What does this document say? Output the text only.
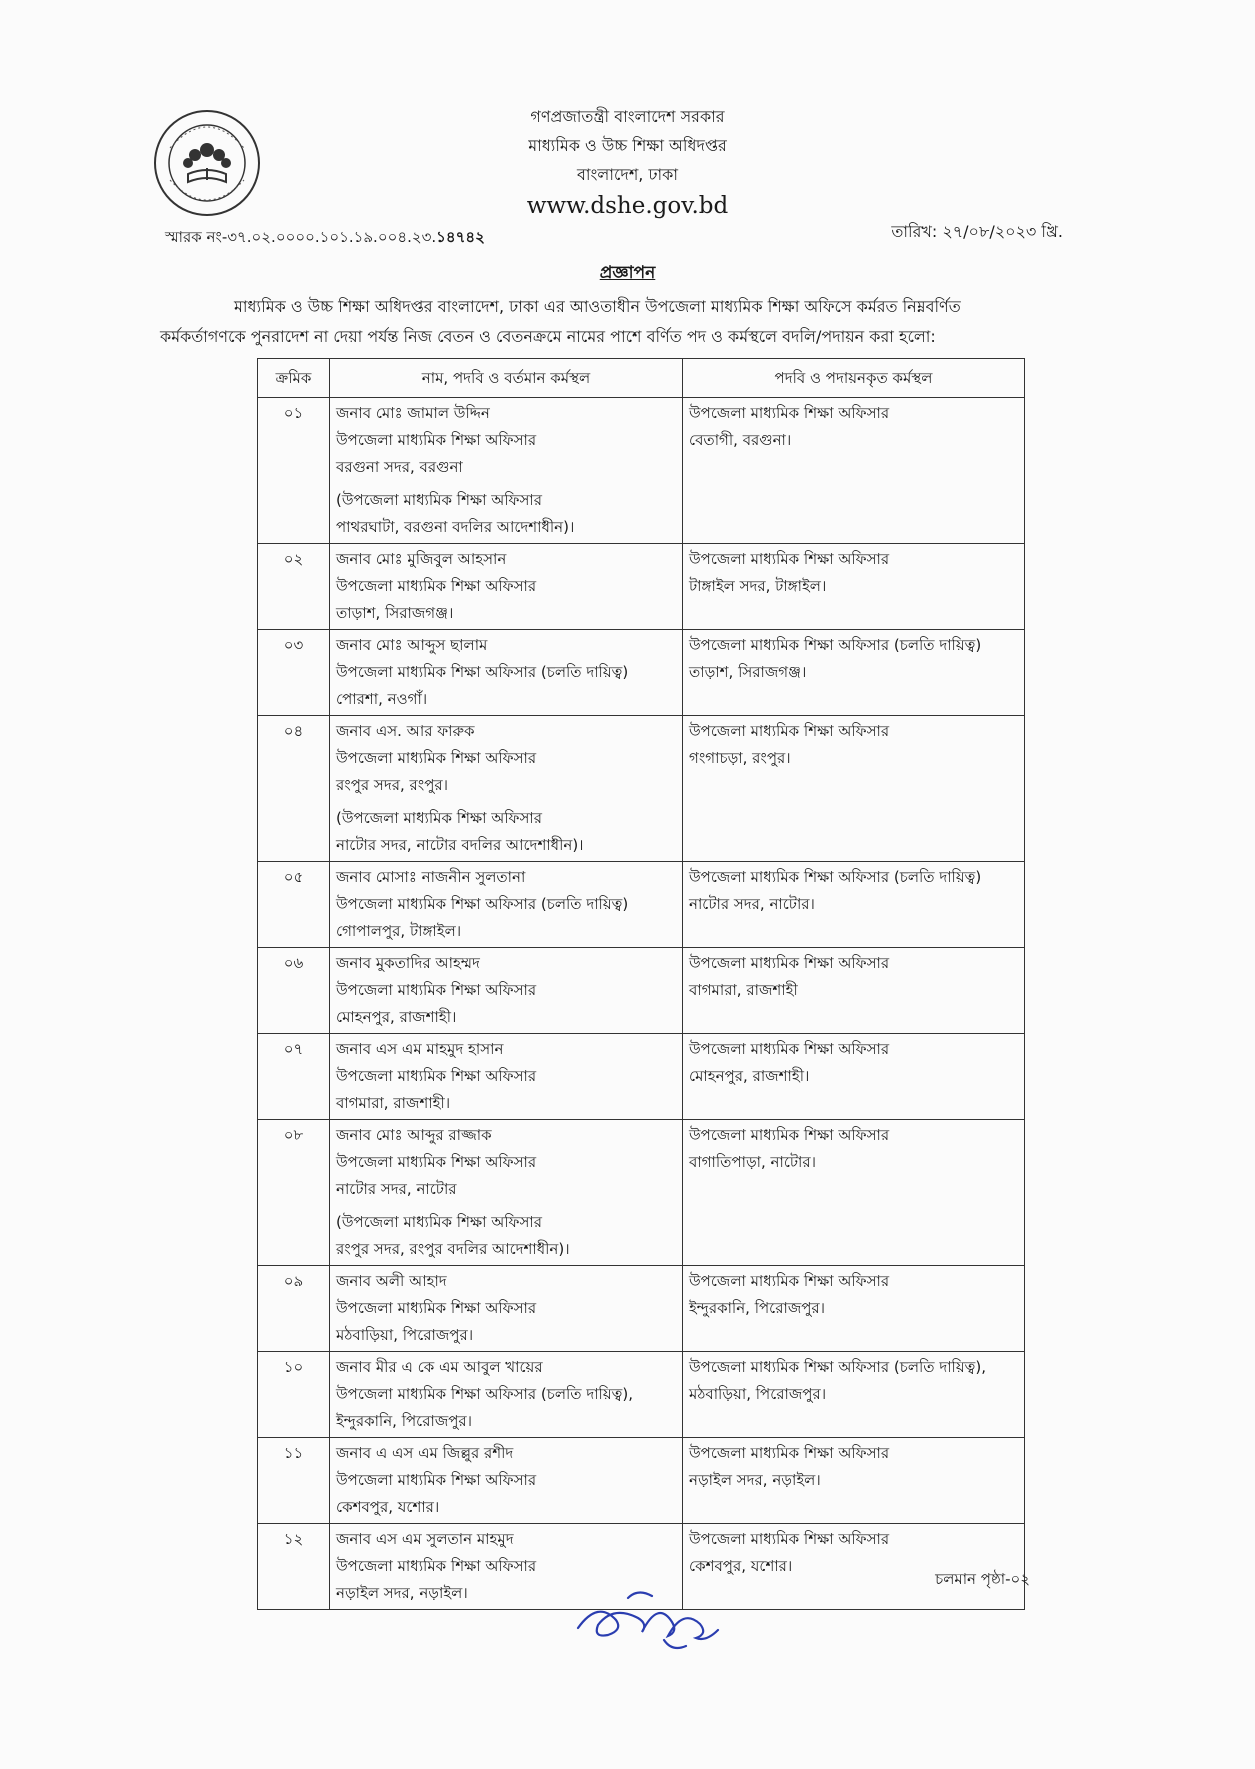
গণপ্রজাতন্ত্রী বাংলাদেশ সরকার
মাধ্যমিক ও উচ্চ শিক্ষা অধিদপ্তর
বাংলাদেশ, ঢাকা
www.dshe.gov.bd
স্মারক নং-৩৭.০২.০০০০.১০১.১৯.০০৪.২৩.১৪৭৪২	তারিখ: ২৭/০৮/২০২৩ খ্রি.
প্রজ্ঞাপন
মাধ্যমিক ও উচ্চ শিক্ষা অধিদপ্তর বাংলাদেশ, ঢাকা এর আওতাধীন উপজেলা মাধ্যমিক শিক্ষা অফিসে কর্মরত নিম্নবর্ণিত
কর্মকর্তাগণকে পুনরাদেশ না দেয়া পর্যন্ত নিজ বেতন ও বেতনক্রমে নামের পাশে বর্ণিত পদ ও কর্মস্থলে বদলি/পদায়ন করা হলো:
ক্রমিক	নাম, পদবি ও বর্তমান কর্মস্থল	পদবি ও পদায়নকৃত কর্মস্থল
০১	জনাব মোঃ জামাল উদ্দিন
উপজেলা মাধ্যমিক শিক্ষা অফিসার
বরগুনা সদর, বরগুনা
(উপজেলা মাধ্যমিক শিক্ষা অফিসার
পাথরঘাটা, বরগুনা বদলির আদেশাধীন)।	উপজেলা মাধ্যমিক শিক্ষা অফিসার
বেতাগী, বরগুনা।

০২	জনাব মোঃ মুজিবুল আহসান
উপজেলা মাধ্যমিক শিক্ষা অফিসার
তাড়াশ, সিরাজগঞ্জ।	উপজেলা মাধ্যমিক শিক্ষা অফিসার
টাঙ্গাইল সদর, টাঙ্গাইল।

০৩	জনাব মোঃ আব্দুস ছালাম
উপজেলা মাধ্যমিক শিক্ষা অফিসার (চলতি দায়িত্ব)
পোরশা, নওগাঁ।	উপজেলা মাধ্যমিক শিক্ষা অফিসার (চলতি দায়িত্ব)
তাড়াশ, সিরাজগঞ্জ।

০৪	জনাব এস. আর ফারুক
উপজেলা মাধ্যমিক শিক্ষা অফিসার
রংপুর সদর, রংপুর।
(উপজেলা মাধ্যমিক শিক্ষা অফিসার
নাটোর সদর, নাটোর বদলির আদেশাধীন)।	উপজেলা মাধ্যমিক শিক্ষা অফিসার
গংগাচড়া, রংপুর।

০৫	জনাব মোসাঃ নাজনীন সুলতানা
উপজেলা মাধ্যমিক শিক্ষা অফিসার (চলতি দায়িত্ব)
গোপালপুর, টাঙ্গাইল।	উপজেলা মাধ্যমিক শিক্ষা অফিসার (চলতি দায়িত্ব)
নাটোর সদর, নাটোর।

০৬	জনাব মুকতাদির আহম্মদ
উপজেলা মাধ্যমিক শিক্ষা অফিসার
মোহনপুর, রাজশাহী।	উপজেলা মাধ্যমিক শিক্ষা অফিসার
বাগমারা, রাজশাহী

০৭	জনাব এস এম মাহমুদ হাসান
উপজেলা মাধ্যমিক শিক্ষা অফিসার
বাগমারা, রাজশাহী।	উপজেলা মাধ্যমিক শিক্ষা অফিসার
মোহনপুর, রাজশাহী।

০৮	জনাব মোঃ আব্দুর রাজ্জাক
উপজেলা মাধ্যমিক শিক্ষা অফিসার
নাটোর সদর, নাটোর
(উপজেলা মাধ্যমিক শিক্ষা অফিসার
রংপুর সদর, রংপুর বদলির আদেশাধীন)।	উপজেলা মাধ্যমিক শিক্ষা অফিসার
বাগাতিপাড়া, নাটোর।

০৯	জনাব অলী আহাদ
উপজেলা মাধ্যমিক শিক্ষা অফিসার
মঠবাড়িয়া, পিরোজপুর।	উপজেলা মাধ্যমিক শিক্ষা অফিসার
ইন্দুরকানি, পিরোজপুর।

১০	জনাব মীর এ কে এম আবুল খায়ের
উপজেলা মাধ্যমিক শিক্ষা অফিসার (চলতি দায়িত্ব),
ইন্দুরকানি, পিরোজপুর।	উপজেলা মাধ্যমিক শিক্ষা অফিসার (চলতি দায়িত্ব),
মঠবাড়িয়া, পিরোজপুর।

১১	জনাব এ এস এম জিল্লুর রশীদ
উপজেলা মাধ্যমিক শিক্ষা অফিসার
কেশবপুর, যশোর।	উপজেলা মাধ্যমিক শিক্ষা অফিসার
নড়াইল সদর, নড়াইল।

১২	জনাব এস এম সুলতান মাহমুদ
উপজেলা মাধ্যমিক শিক্ষা অফিসার
নড়াইল সদর, নড়াইল।	উপজেলা মাধ্যমিক শিক্ষা অফিসার
কেশবপুর, যশোর।
চলমান পৃষ্ঠা-০২
